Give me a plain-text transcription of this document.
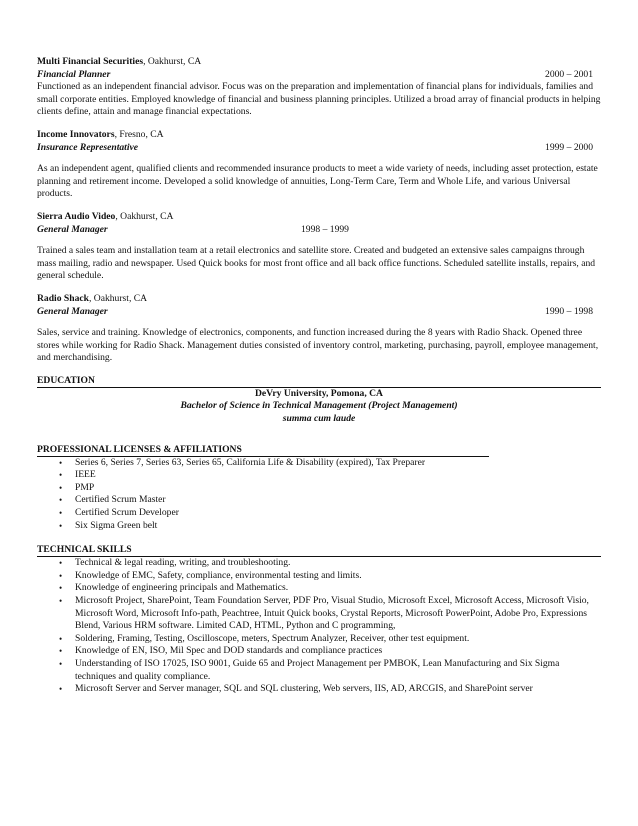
Multi Financial Securities, Oakhurst, CA
Financial Planner	2000 – 2001

Functioned as an independent financial advisor. Focus was on the preparation and implementation of financial plans for individuals, families and small corporate entities. Employed knowledge of financial and business planning principles. Utilized a broad array of financial products in helping clients define, attain and manage financial expectations.

Income Innovators, Fresno, CA
Insurance Representative	1999 – 2000

As an independent agent, qualified clients and recommended insurance products to meet a wide variety of needs, including asset protection, estate planning and retirement income. Developed a solid knowledge of annuities, Long-Term Care, Term and Whole Life, and various Universal products.

Sierra Audio Video, Oakhurst, CA
General Manager	1998 – 1999

Trained a sales team and installation team at a retail electronics and satellite store. Created and budgeted an extensive sales campaigns through mass mailing, radio and newspaper. Used Quick books for most front office and all back office functions. Scheduled satellite installs, repairs, and general schedule.

Radio Shack, Oakhurst, CA
General Manager	1990 – 1998

Sales, service and training. Knowledge of electronics, components, and function increased during the 8 years with Radio Shack. Opened three stores while working for Radio Shack. Management duties consisted of inventory control, marketing, purchasing, payroll, employee management, and merchandising.

EDUCATION
DeVry University, Pomona, CA
Bachelor of Science in Technical Management (Project Management)
summa cum laude
PROFESSIONAL LICENSES & AFFILIATIONS
• Series 6, Series 7, Series 63, Series 65, California Life & Disability (expired), Tax Preparer
• IEEE
• PMP
• Certified Scrum Master
• Certified Scrum Developer
• Six Sigma Green belt
TECHNICAL SKILLS
• Technical & legal reading, writing, and troubleshooting.
• Knowledge of EMC, Safety, compliance, environmental testing and limits.
• Knowledge of engineering principals and Mathematics.
• Microsoft Project, SharePoint, Team Foundation Server, PDF Pro, Visual Studio, Microsoft Excel, Microsoft Access, Microsoft Visio, Microsoft Word, Microsoft Info-path, Peachtree, Intuit Quick books, Crystal Reports, Microsoft PowerPoint, Adobe Pro, Expressions Blend, Various HRM software. Limited CAD, HTML, Python and C programming,
• Soldering, Framing, Testing, Oscilloscope, meters, Spectrum Analyzer, Receiver, other test equipment.
• Knowledge of EN, ISO, Mil Spec and DOD standards and compliance practices
• Understanding of ISO 17025, ISO 9001, Guide 65 and Project Management per PMBOK, Lean Manufacturing and Six Sigma techniques and quality compliance.
• Microsoft Server and Server manager, SQL and SQL clustering, Web servers, IIS, AD, ARCGIS, and SharePoint server
